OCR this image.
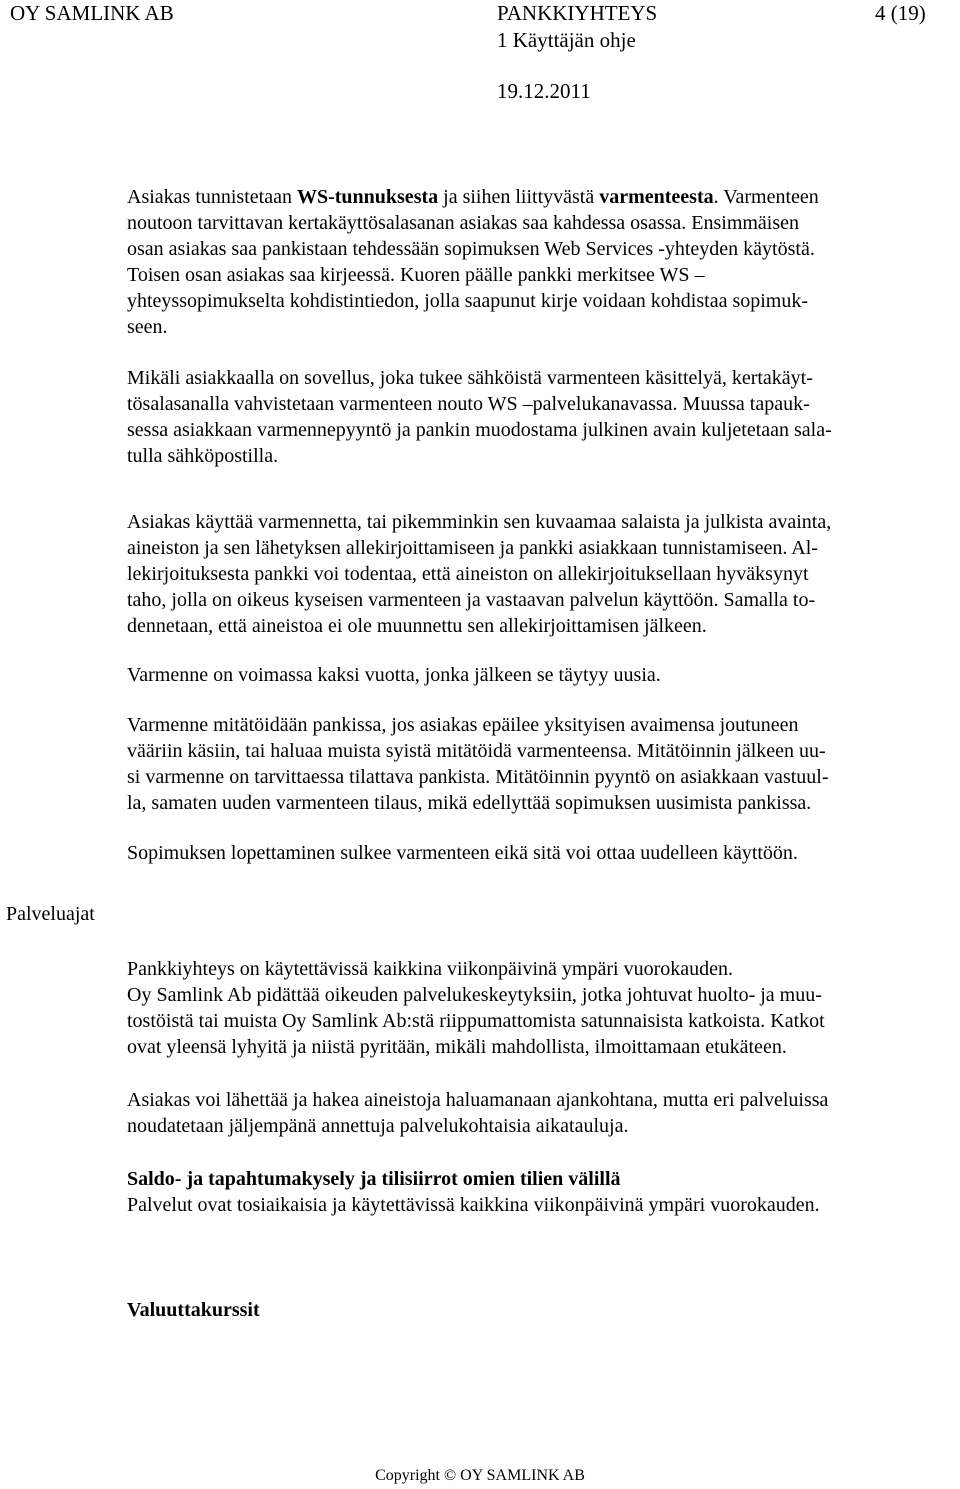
OY SAMLINK AB	PANKKIYHTEYS	4 (19)
1 Käyttäjän ohje
19.12.2011
Asiakas tunnistetaan WS-tunnuksesta ja siihen liittyvästä varmenteesta. Varmenteen
noutoon tarvittavan kertakäyttösalasanan asiakas saa kahdessa osassa. Ensimmäisen
osan asiakas saa pankistaan tehdessään sopimuksen Web Services -yhteyden käytöstä.
Toisen osan asiakas saa kirjeessä. Kuoren päälle pankki merkitsee WS –
yhteyssopimukselta kohdistintiedon, jolla saapunut kirje voidaan kohdistaa sopimuk-
seen.
Mikäli asiakkaalla on sovellus, joka tukee sähköistä varmenteen käsittelyä, kertakäyt-
tösalasanalla vahvistetaan varmenteen nouto WS –palvelukanavassa. Muussa tapauk-
sessa asiakkaan varmennepyyntö ja pankin muodostama julkinen avain kuljetetaan sala-
tulla sähköpostilla.
Asiakas käyttää varmennetta, tai pikemminkin sen kuvaamaa salaista ja julkista avainta,
aineiston ja sen lähetyksen allekirjoittamiseen ja pankki asiakkaan tunnistamiseen. Al-
lekirjoituksesta pankki voi todentaa, että aineiston on allekirjoituksellaan hyväksynyt
taho, jolla on oikeus kyseisen varmenteen ja vastaavan palvelun käyttöön. Samalla to-
dennetaan, että aineistoa ei ole muunnettu sen allekirjoittamisen jälkeen.
Varmenne on voimassa kaksi vuotta, jonka jälkeen se täytyy uusia.
Varmenne mitätöidään pankissa, jos asiakas epäilee yksityisen avaimensa joutuneen
vääriin käsiin, tai haluaa muista syistä mitätöidä varmenteensa. Mitätöinnin jälkeen uu-
si varmenne on tarvittaessa tilattava pankista. Mitätöinnin pyyntö on asiakkaan vastuul-
la, samaten uuden varmenteen tilaus, mikä edellyttää sopimuksen uusimista pankissa.
Sopimuksen lopettaminen sulkee varmenteen eikä sitä voi ottaa uudelleen käyttöön.
Palveluajat
Pankkiyhteys on käytettävissä kaikkina viikonpäivinä ympäri vuorokauden.
Oy Samlink Ab pidättää oikeuden palvelukeskeytyksiin, jotka johtuvat huolto- ja muu-
tostöistä tai muista Oy Samlink Ab:stä riippumattomista satunnaisista katkoista. Katkot
ovat yleensä lyhyitä ja niistä pyritään, mikäli mahdollista, ilmoittamaan etukäteen.
Asiakas voi lähettää ja hakea aineistoja haluamanaan ajankohtana, mutta eri palveluissa
noudatetaan jäljempänä annettuja palvelukohtaisia aikatauluja.
Saldo- ja tapahtumakysely ja tilisiirrot omien tilien välillä
Palvelut ovat tosiaikaisia ja käytettävissä kaikkina viikonpäivinä ympäri vuorokauden.
Valuuttakurssit
Copyright © OY SAMLINK AB
